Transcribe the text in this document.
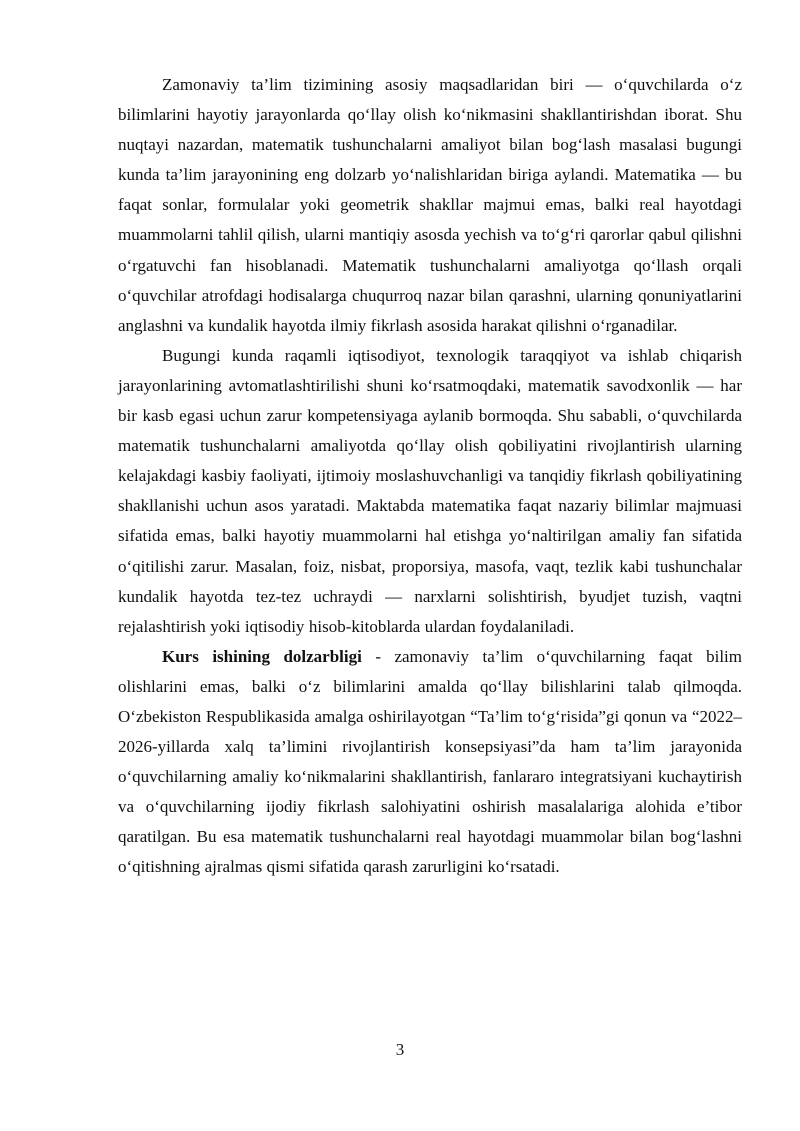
Zamonaviy ta’lim tizimining asosiy maqsadlaridan biri — o‘quvchilarda o‘z bilimlarini hayotiy jarayonlarda qo‘llay olish ko‘nikmasini shakllantirishdan iborat. Shu nuqtayi nazardan, matematik tushunchalarni amaliyot bilan bog‘lash masalasi bugungi kunda ta’lim jarayonining eng dolzarb yo‘nalishlaridan biriga aylandi. Matematika — bu faqat sonlar, formulalar yoki geometrik shakllar majmui emas, balki real hayotdagi muammolarni tahlil qilish, ularni mantiqiy asosda yechish va to‘g‘ri qarorlar qabul qilishni o‘rgatuvchi fan hisoblanadi. Matematik tushunchalarni amaliyotga qo‘llash orqali o‘quvchilar atrofdagi hodisalarga chuqurroq nazar bilan qarashni, ularning qonuniyatlarini anglashni va kundalik hayotda ilmiy fikrlash asosida harakat qilishni o‘rganadilar.

Bugungi kunda raqamli iqtisodiyot, texnologik taraqqiyot va ishlab chiqarish jarayonlarining avtomatlashtirilishi shuni ko‘rsatmoqdaki, matematik savodxonlik — har bir kasb egasi uchun zarur kompetensiyaga aylanib bormoqda. Shu sababli, o‘quvchilarda matematik tushunchalarni amaliyotda qo‘llay olish qobiliyatini rivojlantirish ularning kelajakdagi kasbiy faoliyati, ijtimoiy moslashuvchanligi va tanqidiy fikrlash qobiliyatining shakllanishi uchun asos yaratadi. Maktabda matematika faqat nazariy bilimlar majmuasi sifatida emas, balki hayotiy muammolarni hal etishga yo‘naltirilgan amaliy fan sifatida o‘qitilishi zarur. Masalan, foiz, nisbat, proporsiya, masofa, vaqt, tezlik kabi tushunchalar kundalik hayotda tez-tez uchraydi — narxlarni solishtirish, byudjet tuzish, vaqtni rejalashtirish yoki iqtisodiy hisob-kitoblarda ulardan foydalaniladi.

Kurs ishining dolzarbligi - zamonaviy ta’lim o‘quvchilarning faqat bilim olishlarini emas, balki o‘z bilimlarini amalda qo‘llay bilishlarini talab qilmoqda. O‘zbekiston Respublikasida amalga oshirilayotgan “Ta’lim to‘g‘risida”gi qonun va “2022–2026-yillarda xalq ta’limini rivojlantirish konsepsiyasi”da ham ta’lim jarayonida o‘quvchilarning amaliy ko‘nikmalarini shakllantirish, fanlararo integratsiyani kuchaytirish va o‘quvchilarning ijodiy fikrlash salohiyatini oshirish masalalariga alohida e’tibor qaratilgan. Bu esa matematik tushunchalarni real hayotdagi muammolar bilan bog‘lashni o‘qitishning ajralmas qismi sifatida qarash zarurligini ko‘rsatadi.

3
